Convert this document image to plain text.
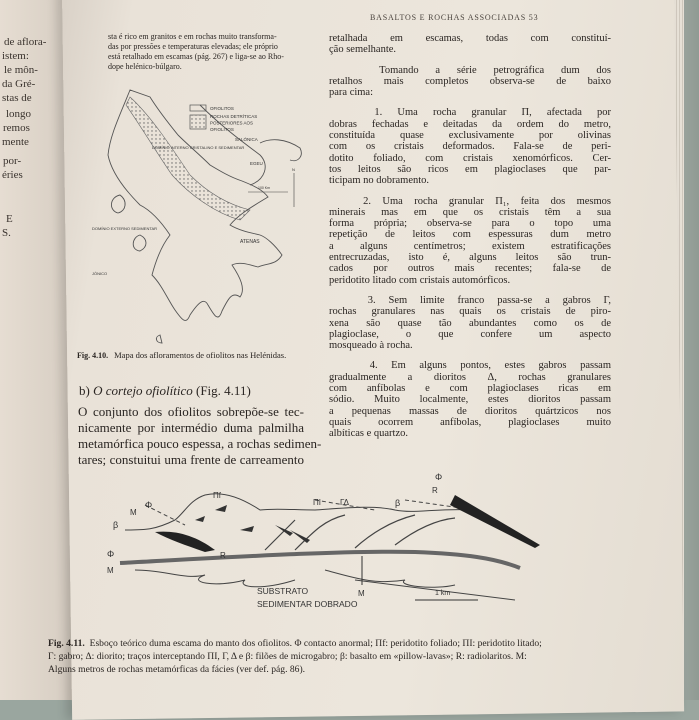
de aflora-
istem:
le môn-
da Gré-
stas de
longo
remos
mente
por-
éries
E
S.
BASALTOS E ROCHAS ASSOCIADAS 53
sta é rico em granitos e em rochas muito transforma-
das por pressões e temperaturas elevadas; ele próprio
está retalhado em escamas (pág. 267) e liga-se ao Rho-
dope helénico-búlgaro.
OFIOLITOS
ROCHAS DETRÍTICAS
POSTERIORES AOS
OFIOLITOS
SALÓNICA
ATENAS
EGEU
JÓNICO
DOMÍNIO INTERNO CRISTALINO E SEDIMENTAR
DOMÍNIO EXTERNO SEDIMENTAR
100 Km
N
Fig. 4.10. Mapa dos afloramentos de ofiolitos nas Helénidas.
b) O cortejo ofiolítico (Fig. 4.11)
O conjunto dos ofiolitos sobrepõe-se tec-
nicamente por intermédio duma palmilha
metamórfica pouco espessa, a rochas sedimen-
tares; constuitui uma frente de carreamento

retalhada em escamas, todas com constituí-
ção semelhante.

Tomando a série petrográfica dum dos
retalhos mais completos observa-se de baixo
para cima:

1. Uma rocha granular Π, afectada por
dobras fechadas e deitadas da ordem do metro,
constituída quase exclusivamente por olivinas
com os cristais deformados. Fala-se de peri-
dotito foliado, com cristais xenomórficos. Cer-
tos leitos são ricos em plagioclases que par-
ticipam no dobramento.

2. Uma rocha granular Π₁, feita dos mesmos
minerais mas em que os cristais têm a sua
forma própria; observa-se para o topo uma
repetição de leitos com espessuras dum metro
a alguns centímetros; existem estratificações
entrecruzadas, isto é, alguns leitos são trun-
cados por outros mais recentes; fala-se de
peridotito litado com cristais automórficos.

3. Sem limite franco passa-se a gabros Γ,
rochas granulares nas quais os cristais de piro-
xena são quase tão abundantes como os de
plagioclase, o que confere um aspecto
mosqueado à rocha.

4. Em alguns pontos, estes gabros passam
gradualmente a dioritos Δ, rochas granulares
com anfíbolas e com plagioclases ricas em
sódio. Muito localmente, estes dioritos passam
a pequenas massas de dioritos quártzicos nos
quais ocorrem anfíbolas, plagioclases muito
albíticas e quartzo.

M
Φ
β
Φ
M
R
Πf
ΠI ΓΔ	β
Φ
R
M
SUBSTRATO
SEDIMENTAR DOBRADO
1 km
Fig. 4.11. Esboço teórico duma escama do manto dos ofiolitos. Φ contacto anormal; Πf: peridotito foliado; ΠI: peridotito litado;
Γ: gabro; Δ: diorito; traços interceptando ΠI, Γ, Δ e β: filões de microgabro; β: basalto em «pillow-lavas»; R: radiolaritos. M:
Alguns metros de rochas metamórficas da fácies (ver def. pág. 86).
